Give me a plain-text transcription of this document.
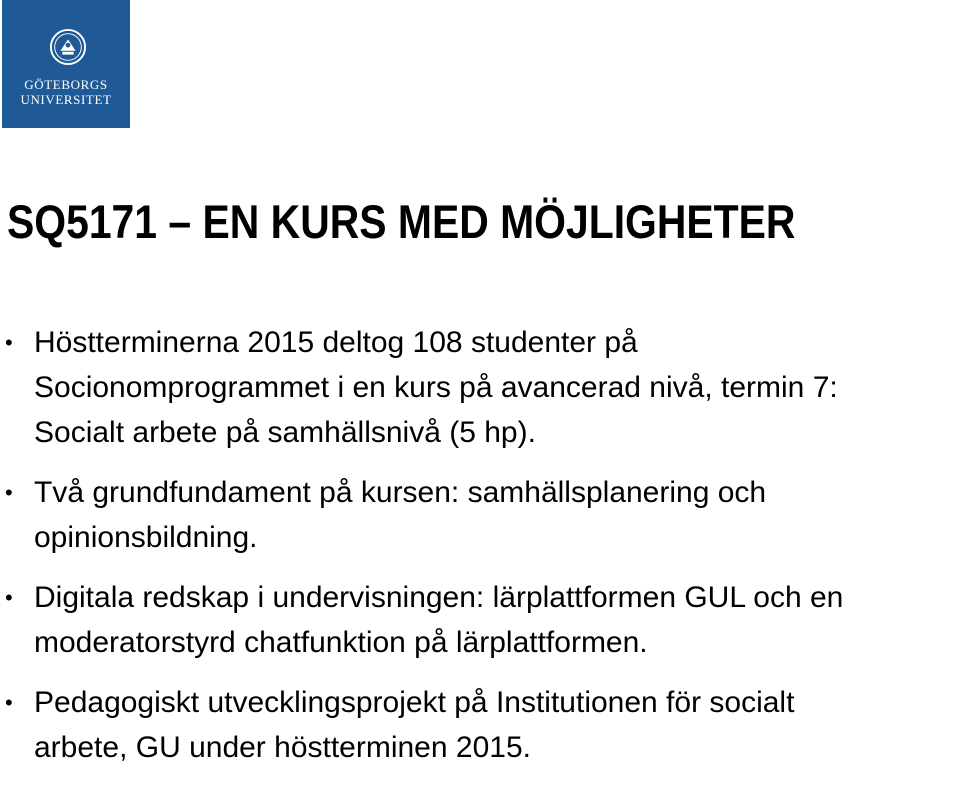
GÖTEBORGS
UNIVERSITET
SQ5171 – EN KURS MED MÖJLIGHETER
• Höstterminerna 2015 deltog 108 studenter på
Socionomprogrammet i en kurs på avancerad nivå, termin 7:
Socialt arbete på samhällsnivå (5 hp).
• Två grundfundament på kursen: samhällsplanering och
opinionsbildning.
• Digitala redskap i undervisningen: lärplattformen GUL och en
moderatorstyrd chatfunktion på lärplattformen.
• Pedagogiskt utvecklingsprojekt på Institutionen för socialt
arbete, GU under höstterminen 2015.
